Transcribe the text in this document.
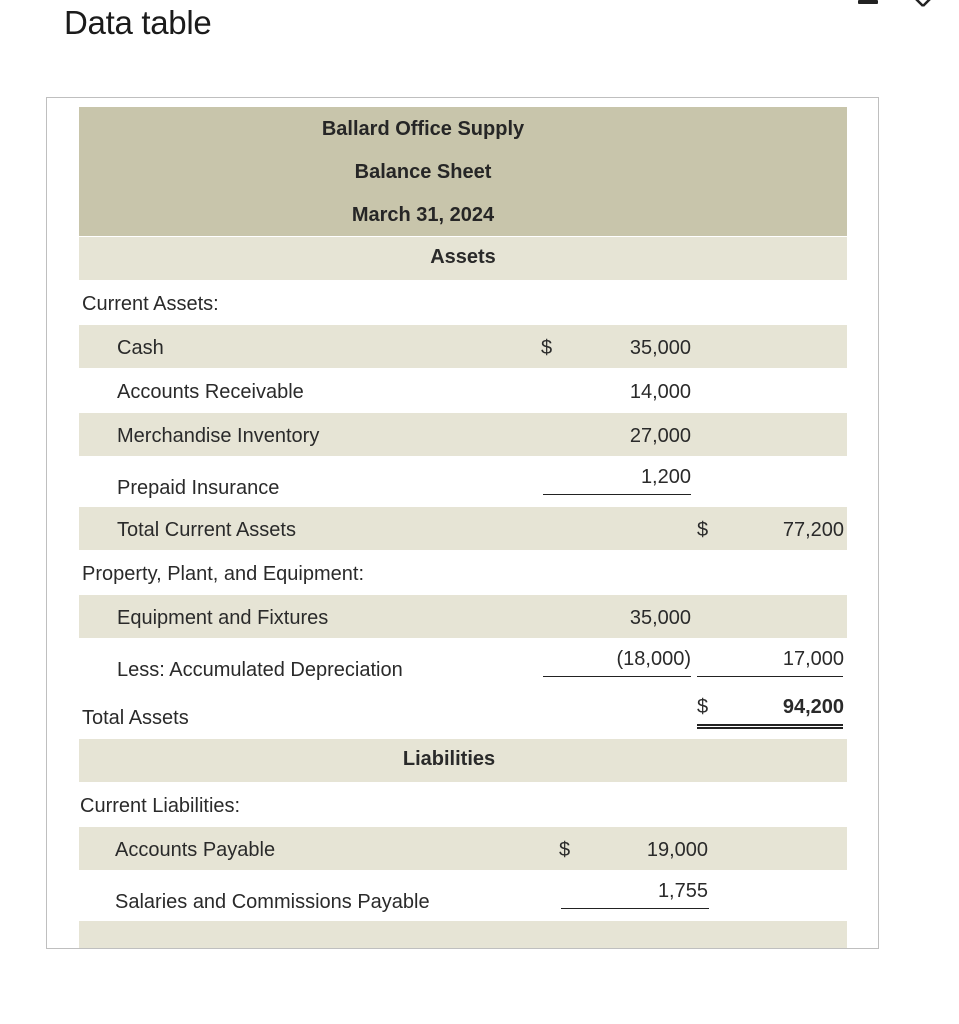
Data table
Ballard Office Supply
Balance Sheet
March 31, 2024
Assets
Current Assets:
Cash	$	35,000
Accounts Receivable	14,000
Merchandise Inventory	27,000
Prepaid Insurance	1,200
Total Current Assets	$	77,200
Property, Plant, and Equipment:
Equipment and Fixtures	35,000
Less: Accumulated Depreciation	(18,000)	17,000
Total Assets	$	94,200
Liabilities
Current Liabilities:
Accounts Payable	$	19,000
Salaries and Commissions Payable	1,755
